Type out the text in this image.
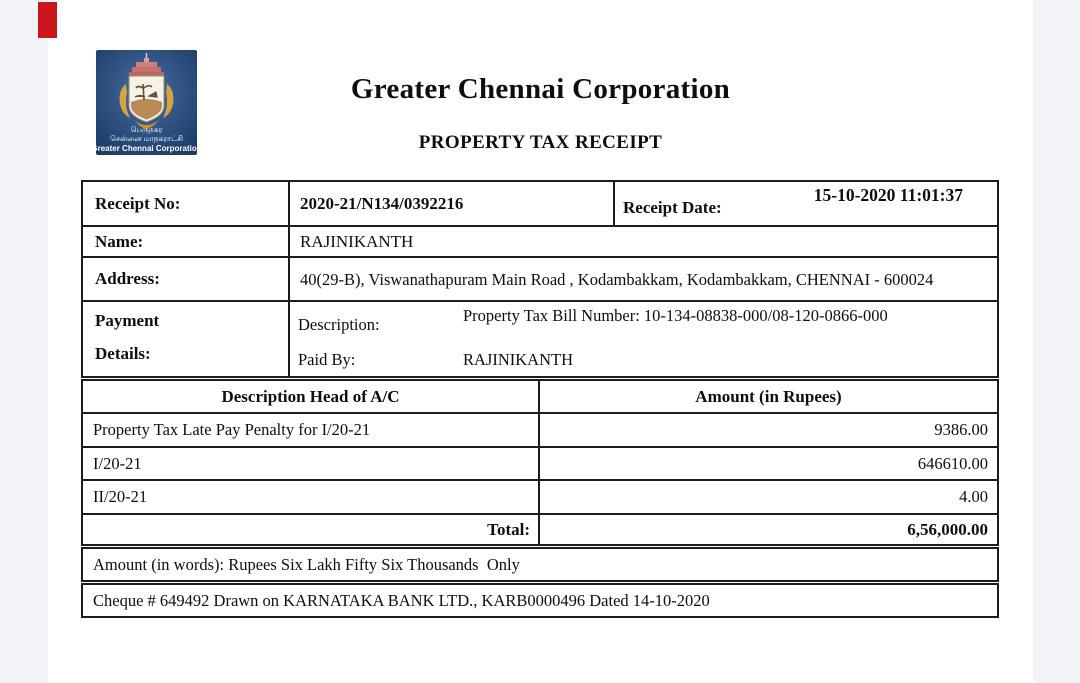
பெருநகர
சென்னை மாநகராட்சி
Greater Chennai Corporation
Greater Chennai Corporation
PROPERTY TAX RECEIPT
Receipt No:	2020-21/N134/0392216	Receipt Date:
15-10-2020 11:01:37
Name:	RAJINIKANTH
Address:	40(29-B), Viswanathapuram Main Road , Kodambakkam, Kodambakkam, CHENNAI - 600024
Payment
Details:
Description:	Property Tax Bill Number: 10-134-08838-000/08-120-0866-000
Paid By:	RAJINIKANTH
Description Head of A/C	Amount (in Rupees)
Property Tax Late Pay Penalty for I/20-21	9386.00
I/20-21	646610.00
II/20-21	4.00
Total:	6,56,000.00
Amount (in words): Rupees Six Lakh Fifty Six Thousands  Only
Cheque # 649492 Drawn on KARNATAKA BANK LTD., KARB0000496 Dated 14-10-2020
